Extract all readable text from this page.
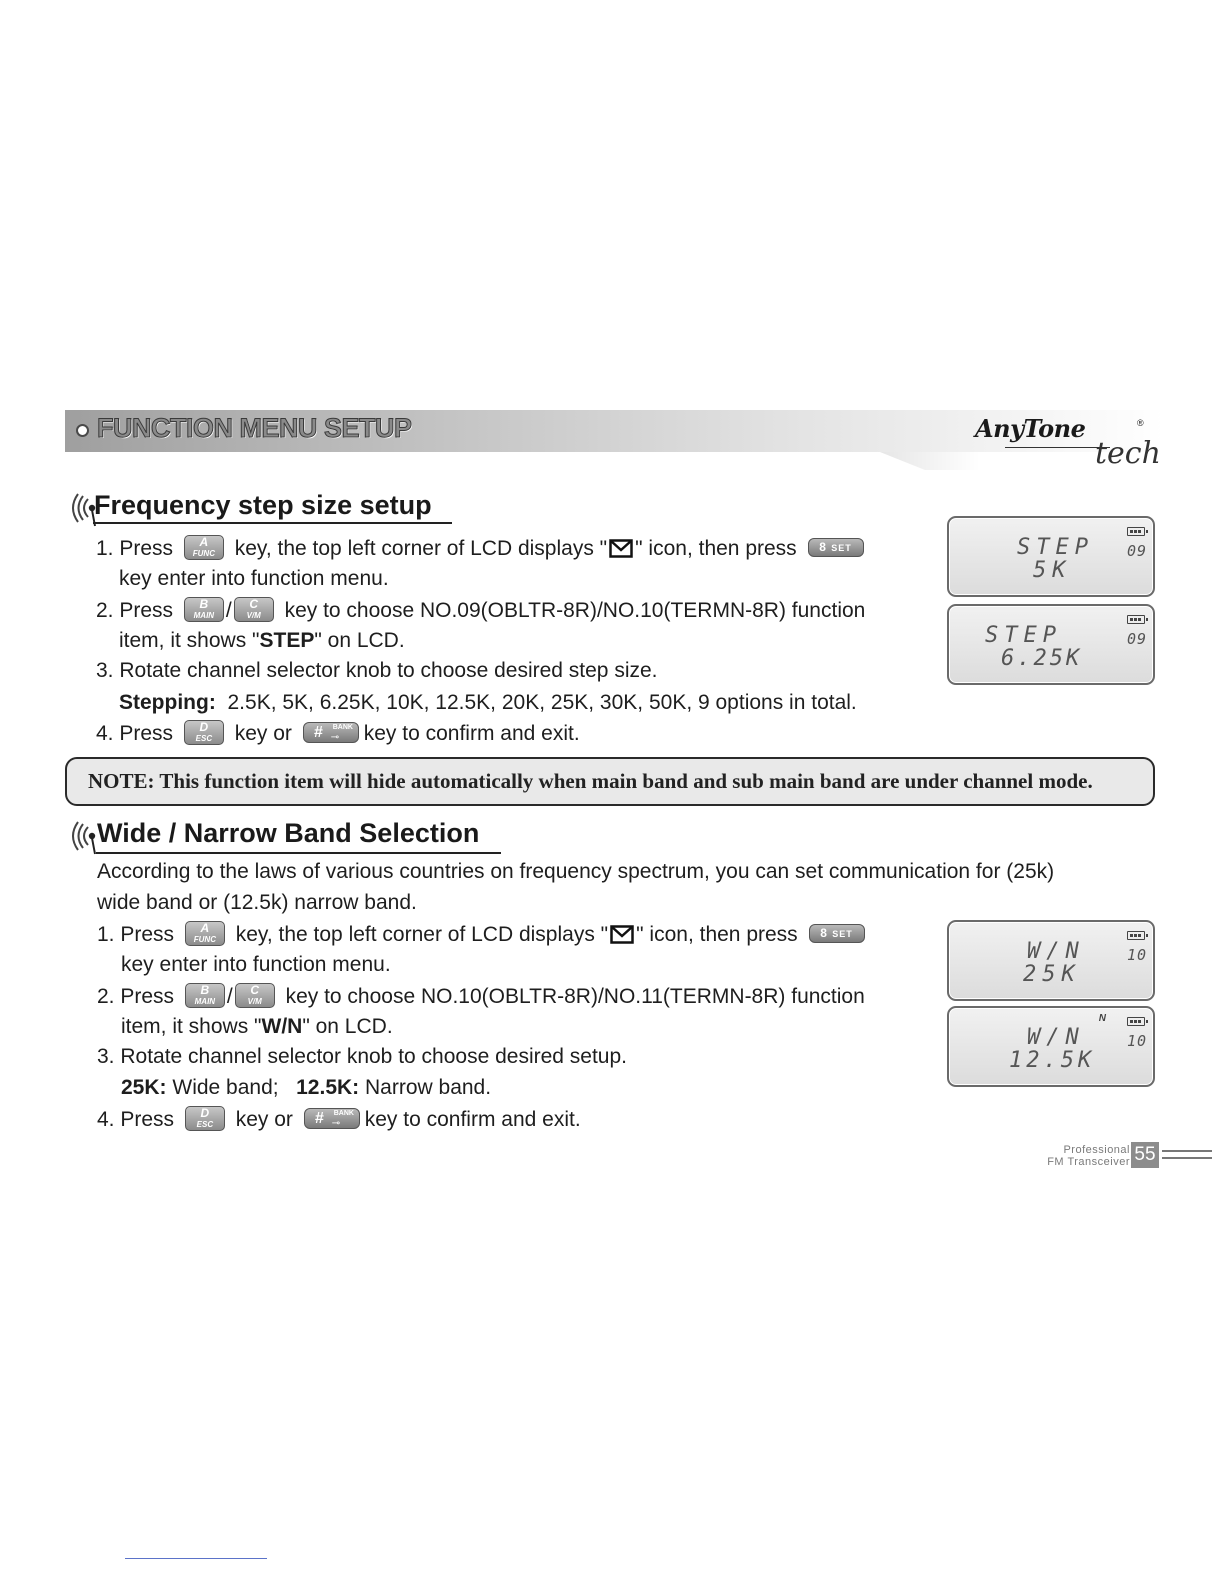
FUNCTION MENU SETUP	AnyTone	®
tech
Frequency step size setup
1. Press	A
FUNC key, the top left corner of LCD displays " " icon, then press	8 SET
key enter into function menu.
2. Press	B
MAIN /	C
V/M	key to choose NO.09(OBLTR-8R)/NO.10(TERMN-8R) function
item, it shows "STEP" on LCD.
3. Rotate channel selector knob to choose desired step size.
Stepping: 2.5K, 5K, 6.25K, 10K, 12.5K, 20K, 25K, 30K, 50K, 9 options in total.
4. Press	D
ESC	key or # BANK
⊸ key to confirm and exit.
STEP
5K
09
STEP
6.25K
09
NOTE: This function item will hide automatically when main band and sub main band are under channel mode.
Wide / Narrow Band Selection
According to the laws of various countries on frequency spectrum, you can set communication for (25k)
wide band or (12.5k) narrow band.
1. Press	A
FUNC key, the top left corner of LCD displays " " icon, then press	8 SET
key enter into function menu.
2. Press	B
MAIN /	C
V/M	key to choose NO.10(OBLTR-8R)/NO.11(TERMN-8R) function
item, it shows "W/N" on LCD.
3. Rotate channel selector knob to choose desired setup.
25K: Wide band; 12.5K: Narrow band.
4. Press	D
ESC	key or # BANK
⊸ key to confirm and exit.
W/N
25K
10
N
W/N
12.5K
10
Professional
FM Transceiver 55
